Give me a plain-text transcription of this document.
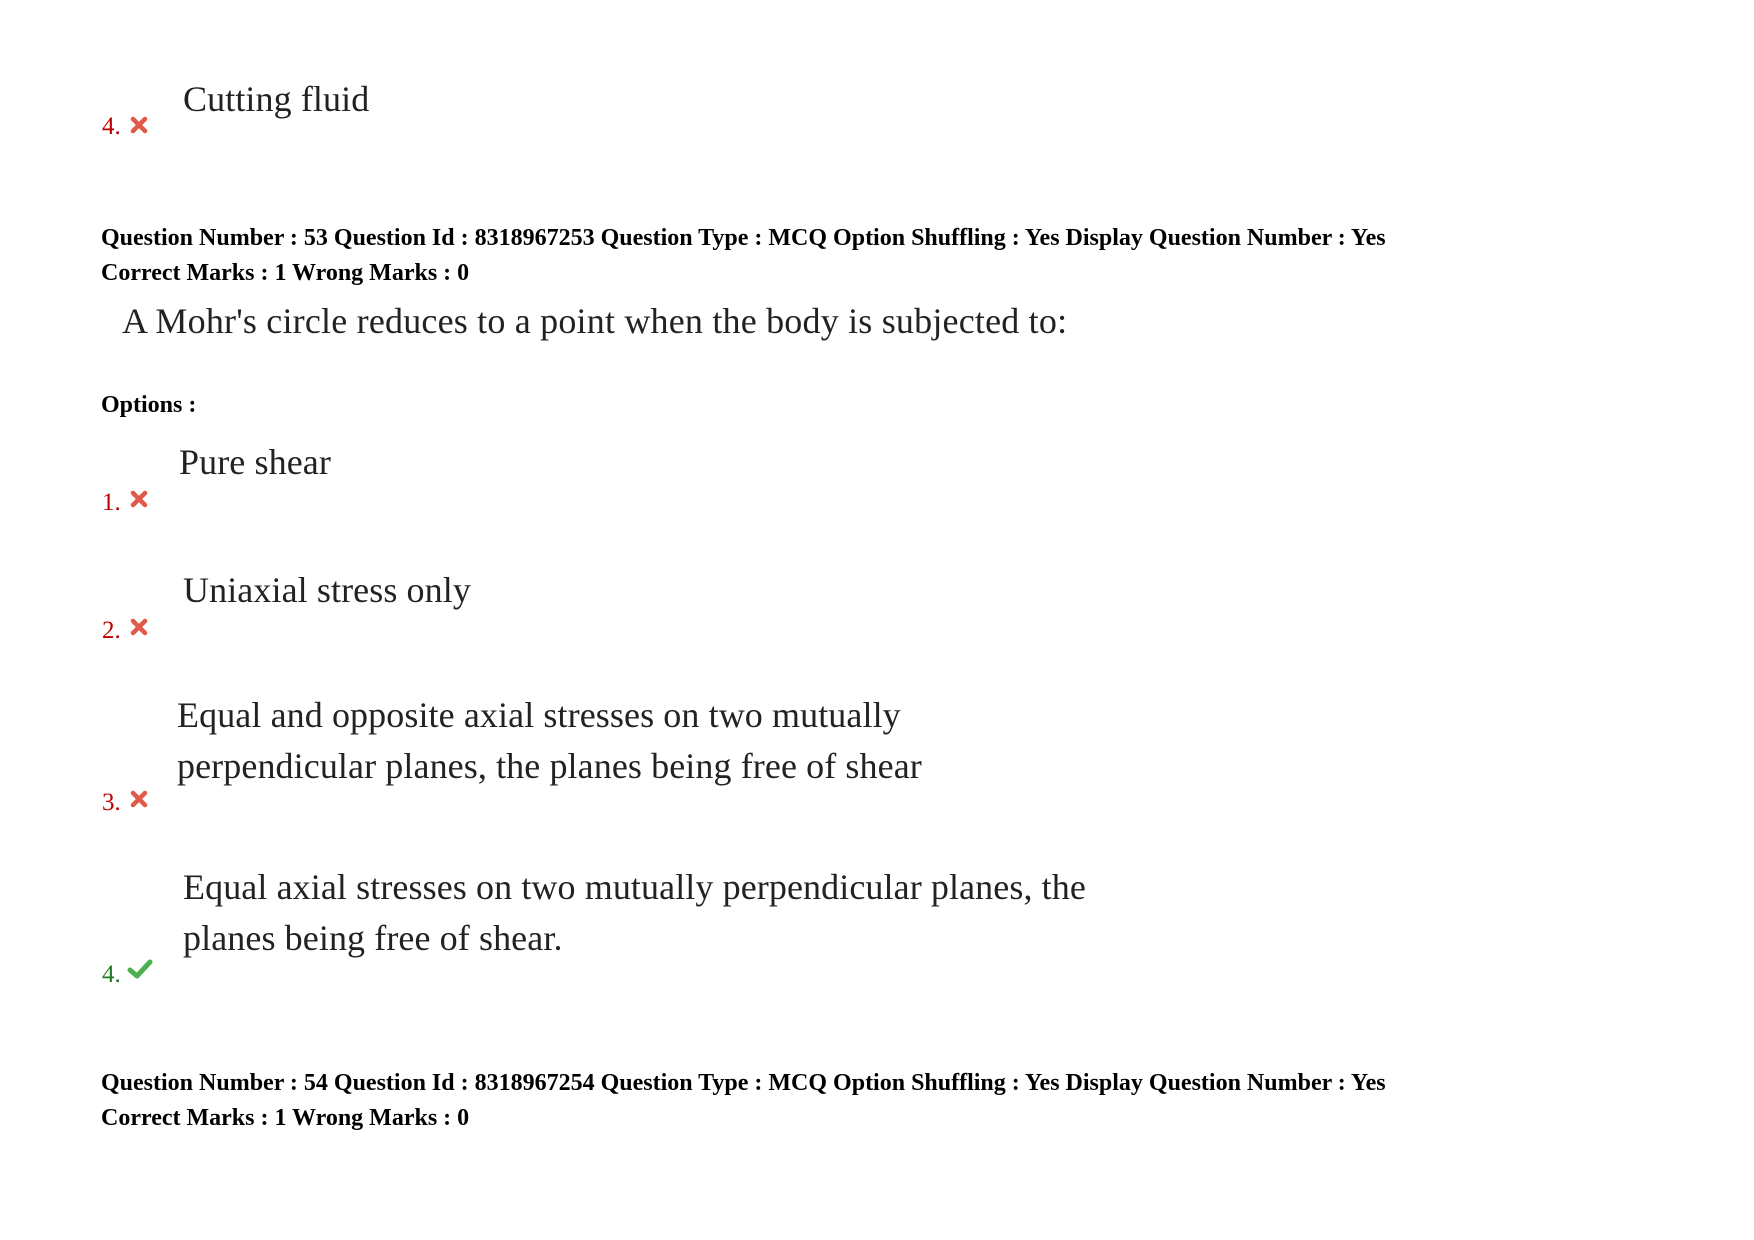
Cutting fluid
4.
Question Number : 53 Question Id : 8318967253 Question Type : MCQ Option Shuffling : Yes Display Question Number : Yes
Correct Marks : 1 Wrong Marks : 0
A Mohr's circle reduces to a point when the body is subjected to:
Options :
Pure shear
1.
Uniaxial stress only
2.
Equal and opposite axial stresses on two mutually
perpendicular planes, the planes being free of shear
3.
Equal axial stresses on two mutually perpendicular planes, the
planes being free of shear.
4.
Question Number : 54 Question Id : 8318967254 Question Type : MCQ Option Shuffling : Yes Display Question Number : Yes
Correct Marks : 1 Wrong Marks : 0
